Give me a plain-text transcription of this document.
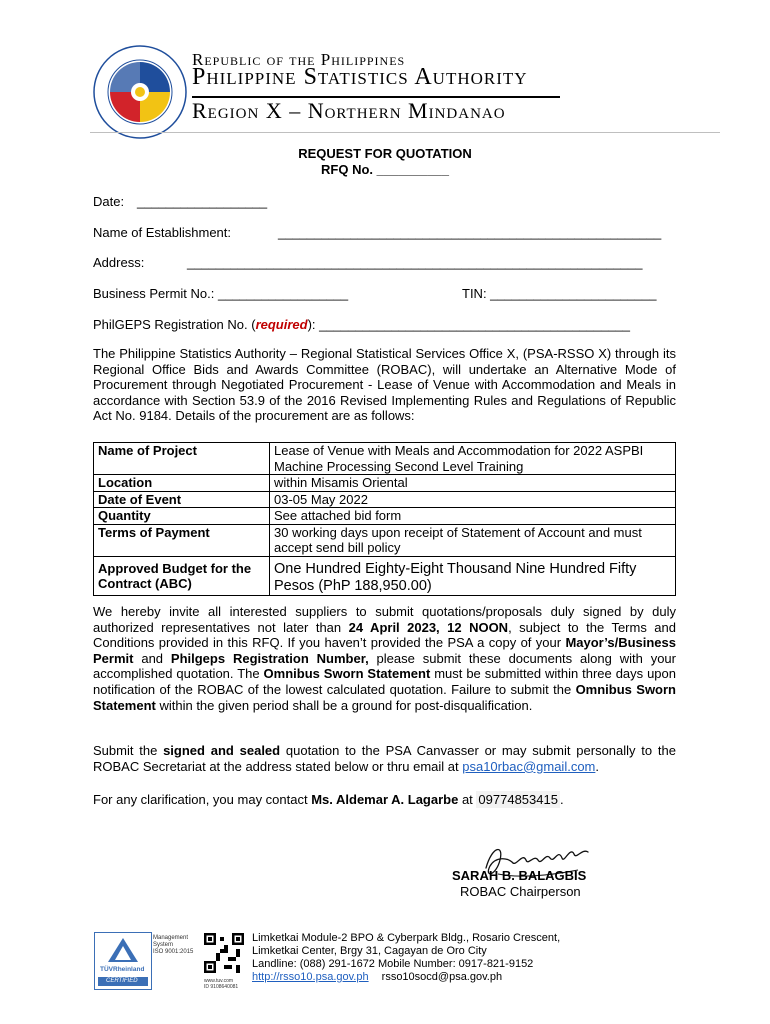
Republic of the Philippines
Philippine Statistics Authority
Region X – Northern Mindanao
REQUEST FOR QUOTATION
RFQ No. __________
Date: __________________
Name of Establishment:	_____________________________________________________
Address:	_______________________________________________________________
Business Permit No.: __________________	TIN: _______________________
PhilGEPS Registration No. (required): ___________________________________________
The Philippine Statistics Authority – Regional Statistical Services Office X, (PSA-RSSO X) through its Regional Office Bids and Awards Committee (ROBAC), will undertake an Alternative Mode of Procurement through Negotiated Procurement - Lease of Venue with Accommodation and Meals in accordance with Section 53.9 of the 2016 Revised Implementing Rules and Regulations of Republic Act No. 9184. Details of the procurement are as follows:
Name of Project	Lease of Venue with Meals and Accommodation for 2022 ASPBI Machine Processing Second Level Training
Location	within Misamis Oriental
Date of Event	03-05 May 2022
Quantity	See attached bid form
Terms of Payment	30 working days upon receipt of Statement of Account and must accept send bill policy
Approved Budget for the Contract (ABC)	One Hundred Eighty-Eight Thousand Nine Hundred Fifty Pesos (PhP 188,950.00)
We hereby invite all interested suppliers to submit quotations/proposals duly signed by duly authorized representatives not later than 24 April 2023, 12 NOON, subject to the Terms and Conditions provided in this RFQ. If you haven’t provided the PSA a copy of your Mayor’s/Business Permit and Philgeps Registration Number, please submit these documents along with your accomplished quotation. The Omnibus Sworn Statement must be submitted within three days upon notification of the ROBAC of the lowest calculated quotation. Failure to submit the Omnibus Sworn Statement within the given period shall be a ground for post-disqualification.
Submit the signed and sealed quotation to the PSA Canvasser or may submit personally to the ROBAC Secretariat at the address stated below or thru email at psa10rbac@gmail.com.
For any clarification, you may contact Ms. Aldemar A. Lagarbe at 09774853415 .
SARAH B. BALAGBIS
ROBAC Chairperson
TÜVRheinland
CERTIFIED
Management
System
ISO 9001:2015
www.tuv.com
ID 9108640081
Limketkai Module-2 BPO & Cyberpark Bldg., Rosario Crescent,
Limketkai Center, Brgy 31, Cagayan de Oro City
Landline: (088) 291-1672 Mobile Number: 0917-821-9152
http://rsso10.psa.gov.ph rsso10socd@psa.gov.ph
